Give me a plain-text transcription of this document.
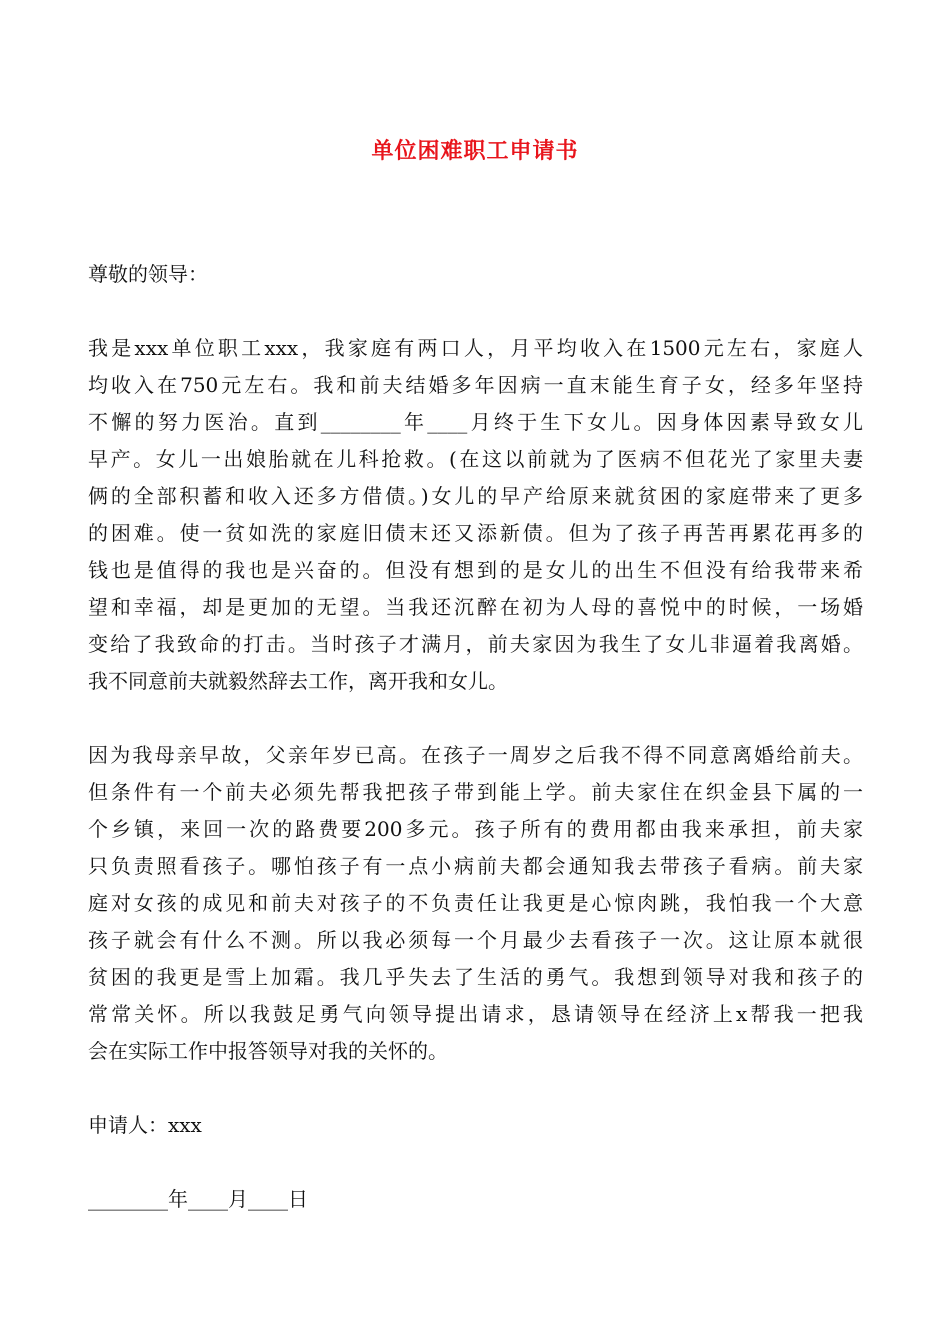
单位困难职工申请书

尊敬的领导：

我是xxx单位职工xxx，我家庭有两口人，月平均收入在1500元左右，家庭人
均收入在750元左右。我和前夫结婚多年因病一直末能生育子女，经多年坚持
不懈的努力医治。直到________年____月终于生下女儿。因身体因素导致女儿
早产。女儿一出娘胎就在儿科抢救。(在这以前就为了医病不但花光了家里夫妻
俩的全部积蓄和收入还多方借债。)女儿的早产给原来就贫困的家庭带来了更多
的困难。使一贫如洗的家庭旧债末还又添新债。但为了孩子再苦再累花再多的
钱也是值得的我也是兴奋的。但没有想到的是女儿的出生不但没有给我带来希
望和幸福，却是更加的无望。当我还沉醉在初为人母的喜悦中的时候，一场婚
变给了我致命的打击。当时孩子才满月，前夫家因为我生了女儿非逼着我离婚。
我不同意前夫就毅然辞去工作，离开我和女儿。
因为我母亲早故，父亲年岁已高。在孩子一周岁之后我不得不同意离婚给前夫。
但条件有一个前夫必须先帮我把孩子带到能上学。前夫家住在织金县下属的一
个乡镇，来回一次的路费要200多元。孩子所有的费用都由我来承担，前夫家
只负责照看孩子。哪怕孩子有一点小病前夫都会通知我去带孩子看病。前夫家
庭对女孩的成见和前夫对孩子的不负责任让我更是心惊肉跳，我怕我一个大意
孩子就会有什么不测。所以我必须每一个月最少去看孩子一次。这让原本就很
贫困的我更是雪上加霜。我几乎失去了生活的勇气。我想到领导对我和孩子的
常常关怀。所以我鼓足勇气向领导提出请求，恳请领导在经济上x帮我一把我
会在实际工作中报答领导对我的关怀的。

申请人：xxx

________年____月____日
